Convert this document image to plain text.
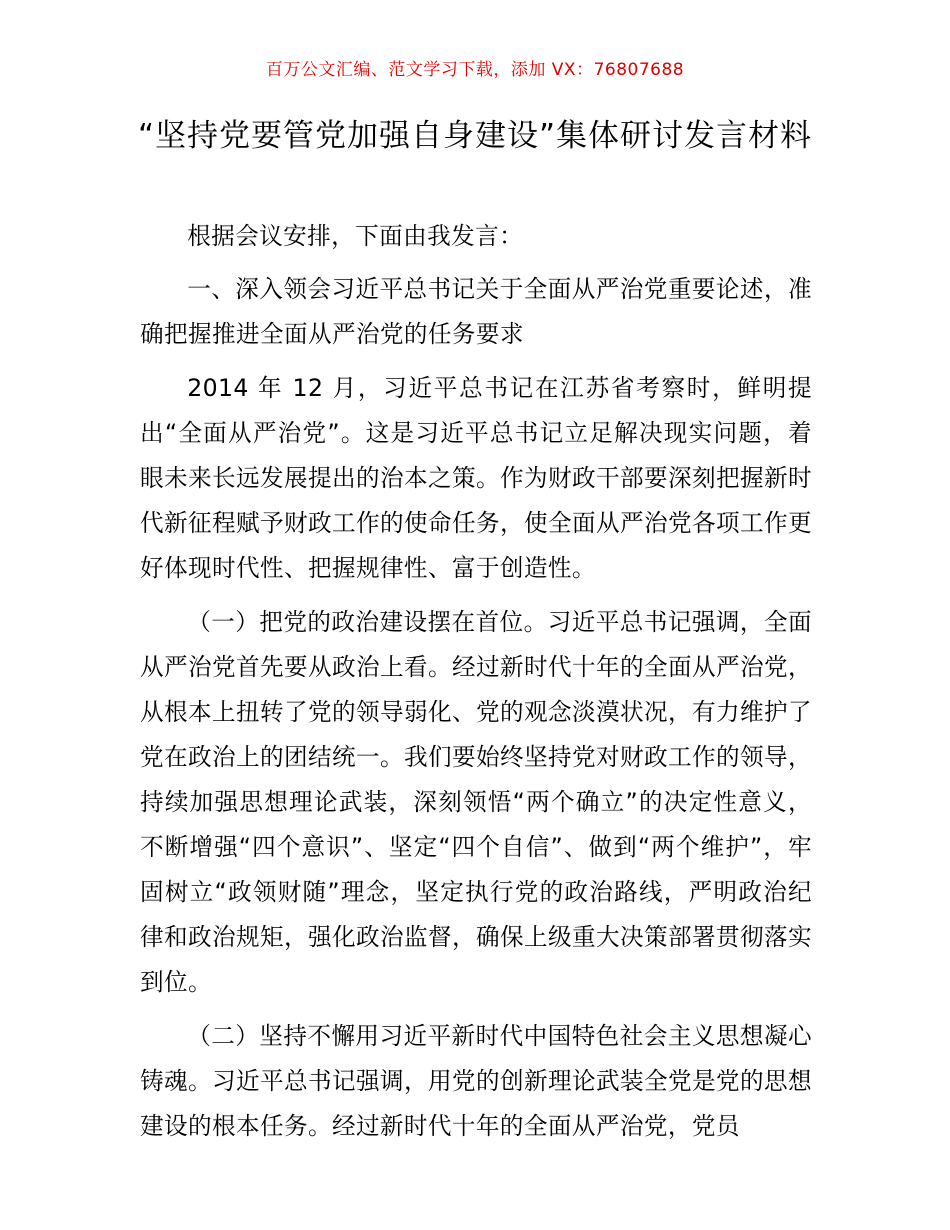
百万公文汇编、范文学习下载，添加 VX：76807688
“坚持党要管党加强自身建设”集体研讨发言材料

根据会议安排，下面由我发言：

一、深入领会习近平总书记关于全面从严治党重要论述，准确把握推进全面从严治党的任务要求

2014 年 12 月，习近平总书记在江苏省考察时，鲜明提出“全面从严治党”。这是习近平总书记立足解决现实问题，着眼未来长远发展提出的治本之策。作为财政干部要深刻把握新时代新征程赋予财政工作的使命任务，使全面从严治党各项工作更好体现时代性、把握规律性、富于创造性。

（一）把党的政治建设摆在首位。习近平总书记强调，全面从严治党首先要从政治上看。经过新时代十年的全面从严治党，从根本上扭转了党的领导弱化、党的观念淡漠状况，有力维护了党在政治上的团结统一。我们要始终坚持党对财政工作的领导，持续加强思想理论武装，深刻领悟“两个确立”的决定性意义，不断增强“四个意识”、坚定“四个自信”、做到“两个维护”，牢固树立“政领财随”理念，坚定执行党的政治路线，严明政治纪律和政治规矩，强化政治监督，确保上级重大决策部署贯彻落实到位。

（二）坚持不懈用习近平新时代中国特色社会主义思想凝心铸魂。习近平总书记强调，用党的创新理论武装全党是党的思想建设的根本任务。经过新时代十年的全面从严治党，党员
